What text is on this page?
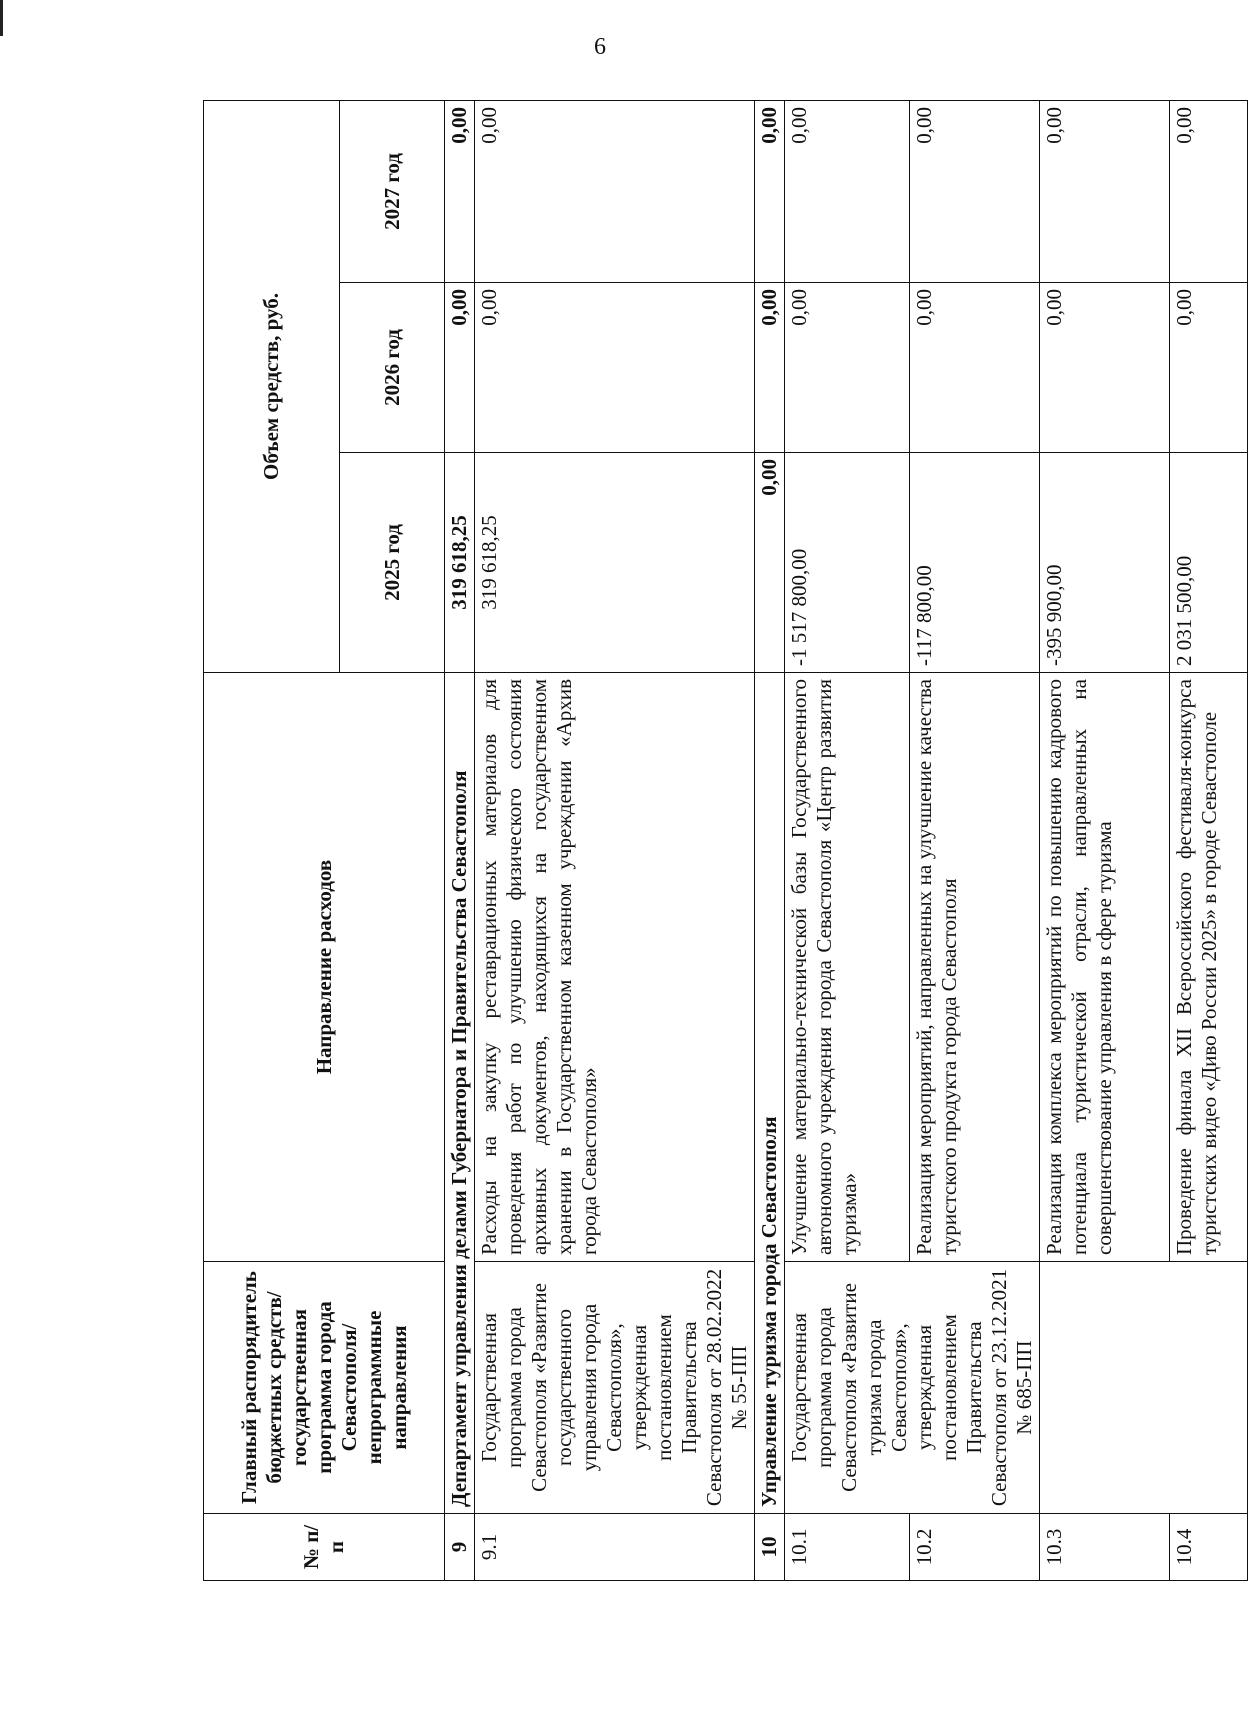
6
№ п/п	Главный распорядитель бюджетных средств/государственная программа города Севастополя/непрограммные направления	Направление расходов	Объем средств, руб.		
			2025 год	2026 год	2027 год
9	Департамент управления делами Губернатора и Правительства Севастополя		319 618,25	0,00	0,00
9.1	Государственная программа города Севастополя «Развитие государственного управления города Севастополя», утвержденная постановлением Правительства Севастополя от 28.02.2022 № 55-ПП	Расходы на закупку реставрационных материалов для проведения работ по улучшению физического состояния архивных документов, находящихся на государственном хранении в Государственном казенном учреждении «Архив города Севастополя»	319 618,25	0,00	0,00
10	Управление туризма города Севастополя		0,00	0,00	0,00
10.1	Государственная программа города Севастополя «Развитие туризма города Севастополя», утвержденная постановлением Правительства Севастополя от 23.12.2021 № 685-ПП	Улучшение материально-технической базы Государственного автономного учреждения города Севастополя «Центр развития туризма»	-1 517 800,00	0,00	0,00
10.2		Реализация мероприятий, направленных на улучшение качества туристского продукта города Севастополя	-117 800,00	0,00	0,00
10.3		Реализация комплекса мероприятий по повышению кадрового потенциала туристической отрасли, направленных на совершенствование управления в сфере туризма	-395 900,00	0,00	0,00
10.4		Проведение финала XII Всероссийского фестиваля-конкурса туристских видео «Диво России 2025» в городе Севастополе	2 031 500,00	0,00	0,00
